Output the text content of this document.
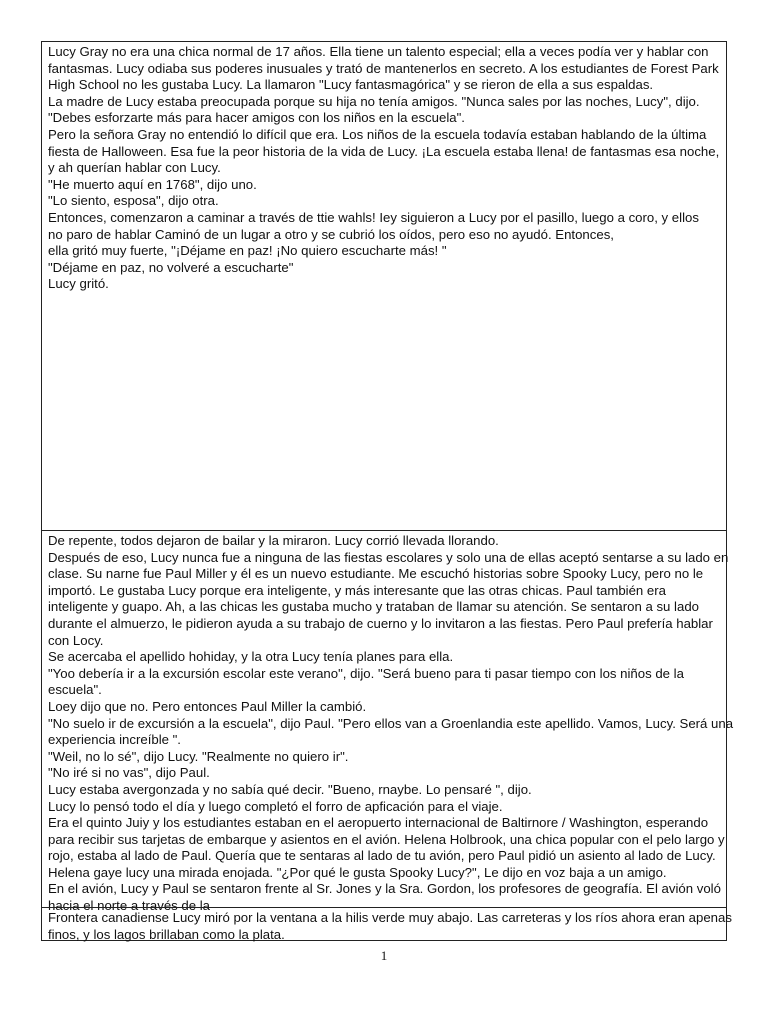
Lucy Gray no era una chica normal de 17 años. Ella tiene un talento especial; ella a veces podía ver y hablar con
fantasmas. Lucy odiaba sus poderes inusuales y trató de mantenerlos en secreto. A los estudiantes de Forest Park
High School no les gustaba Lucy. La llamaron "Lucy fantasmagórica" y se rieron de ella a sus espaldas.
La madre de Lucy estaba preocupada porque su hija no tenía amigos. "Nunca sales por las noches, Lucy", dijo.
"Debes esforzarte más para hacer amigos con los niños en la escuela".
Pero la señora Gray no entendió lo difícil que era. Los niños de la escuela todavía estaban hablando de la última
fiesta de Halloween. Esa fue la peor historia de la vida de Lucy. ¡La escuela estaba llena! de fantasmas esa noche,
y ah querían hablar con Lucy.
"He muerto aquí en 1768", dijo uno.
"Lo siento, esposa", dijo otra.
Entonces, comenzaron a caminar a través de ttie wahls! Iey siguieron a Lucy por el pasillo, luego a coro, y ellos
no paro de hablar Caminó de un lugar a otro y se cubrió los oídos, pero eso no ayudó. Entonces,
ella gritó muy fuerte, "¡Déjame en paz! ¡No quiero escucharte más! "
"Déjame en paz, no volveré a escucharte"
Lucy gritó.
De repente, todos dejaron de bailar y la miraron. Lucy corrió llevada llorando.
Después de eso, Lucy nunca fue a ninguna de las fiestas escolares y solo una de ellas aceptó sentarse a su lado en
clase. Su narne fue Paul Miller y él es un nuevo estudiante. Me escuchó historias sobre Spooky Lucy, pero no le
importó. Le gustaba Lucy porque era inteligente, y más interesante que las otras chicas. Paul también era
inteligente y guapo. Ah, a las chicas les gustaba mucho y trataban de llamar su atención. Se sentaron a su lado
durante el almuerzo, le pidieron ayuda a su trabajo de cuerno y lo invitaron a las fiestas. Pero Paul prefería hablar
con Locy.
Se acercaba el apellido hohiday, y la otra Lucy tenía planes para ella.
"Yoo debería ir a la excursión escolar este verano", dijo. "Será bueno para ti pasar tiempo con los niños de la
escuela".
Loey dijo que no. Pero entonces Paul Miller la cambió.
"No suelo ir de excursión a la escuela", dijo Paul. "Pero ellos van a Groenlandia este apellido. Vamos, Lucy. Será una
experiencia increíble ".
"Weil, no lo sé", dijo Lucy. "Realmente no quiero ir".
"No iré si no vas", dijo Paul.
Lucy estaba avergonzada y no sabía qué decir. "Bueno, rnaybe. Lo pensaré ", dijo.
Lucy lo pensó todo el día y luego completó el forro de apficación para el viaje.
Era el quinto Juiy y los estudiantes estaban en el aeropuerto internacional de Baltirnore / Washington, esperando
para recibir sus tarjetas de embarque y asientos en el avión. Helena Holbrook, una chica popular con el pelo largo y
rojo, estaba al lado de Paul. Quería que te sentaras al lado de tu avión, pero Paul pidió un asiento al lado de Lucy.
Helena gaye lucy una mirada enojada. "¿Por qué le gusta Spooky Lucy?", Le dijo en voz baja a un amigo.
En el avión, Lucy y Paul se sentaron frente al Sr. Jones y la Sra. Gordon, los profesores de geografía. El avión voló
hacia el norte a través de la
Frontera canadiense Lucy miró por la ventana a la hilis verde muy abajo. Las carreteras y los ríos ahora eran apenas
finos, y los lagos brillaban como la plata.
1
